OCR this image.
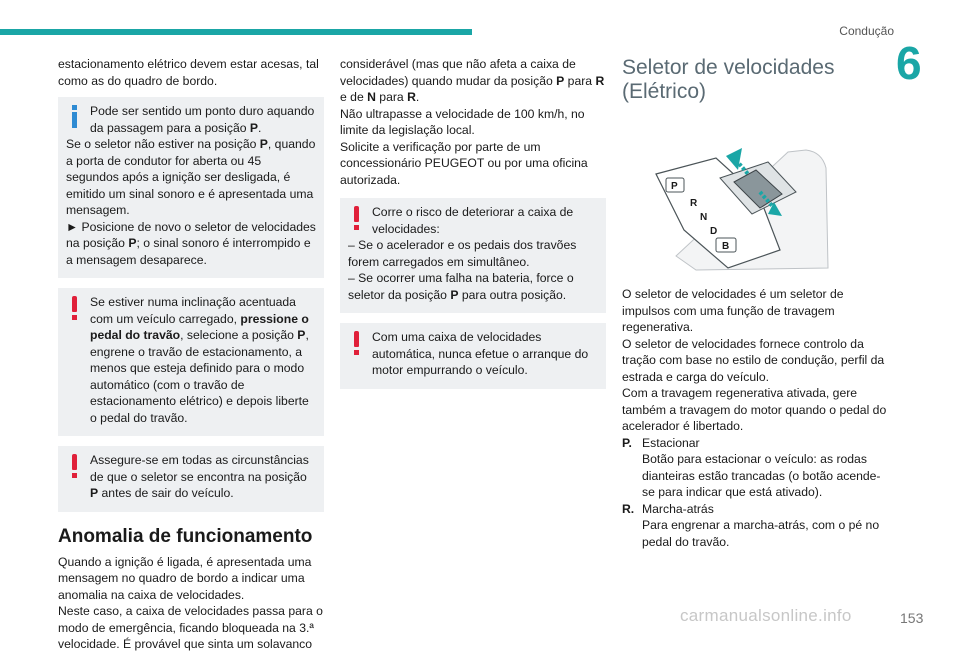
Condução
6
estacionamento elétrico devem estar acesas, tal como as do quadro de bordo.
Pode ser sentido um ponto duro aquando da passagem para a posição P.
Se o seletor não estiver na posição P, quando a porta de condutor for aberta ou 45 segundos após a ignição ser desligada, é emitido um sinal sonoro e é apresentada uma mensagem.
► Posicione de novo o seletor de velocidades na posição P; o sinal sonoro é interrompido e a mensagem desaparece.
Se estiver numa inclinação acentuada com um veículo carregado, pressione o pedal do travão, selecione a posição P, engrene o travão de estacionamento, a menos que esteja definido para o modo automático (com o travão de estacionamento elétrico) e depois liberte o pedal do travão.
Assegure-se em todas as circunstâncias de que o seletor se encontra na posição P antes de sair do veículo.
Anomalia de funcionamento
Quando a ignição é ligada, é apresentada uma mensagem no quadro de bordo a indicar uma anomalia na caixa de velocidades.
Neste caso, a caixa de velocidades passa para o modo de emergência, ficando bloqueada na 3.ª velocidade. É provável que sinta um solavanco
considerável (mas que não afeta a caixa de velocidades) quando mudar da posição P para R e de N para R.
Não ultrapasse a velocidade de 100 km/h, no limite da legislação local.
Solicite a verificação por parte de um concessionário PEUGEOT ou por uma oficina autorizada.
Corre o risco de deteriorar a caixa de velocidades:
– Se o acelerador e os pedais dos travões forem carregados em simultâneo.
– Se ocorrer uma falha na bateria, force o seletor da posição P para outra posição.
Com uma caixa de velocidades automática, nunca efetue o arranque do motor empurrando o veículo.
Seletor de velocidades (Elétrico)
O seletor de velocidades é um seletor de impulsos com uma função de travagem regenerativa.
O seletor de velocidades fornece controlo da tração com base no estilo de condução, perfil da estrada e carga do veículo.
Com a travagem regenerativa ativada, gere também a travagem do motor quando o pedal do acelerador é libertado.
P. Estacionar
Botão para estacionar o veículo: as rodas dianteiras estão trancadas (o botão acende-se para indicar que está ativado).
R. Marcha-atrás
Para engrenar a marcha-atrás, com o pé no pedal do travão.
P
R
N
D
B
carmanualsonline.info	153
